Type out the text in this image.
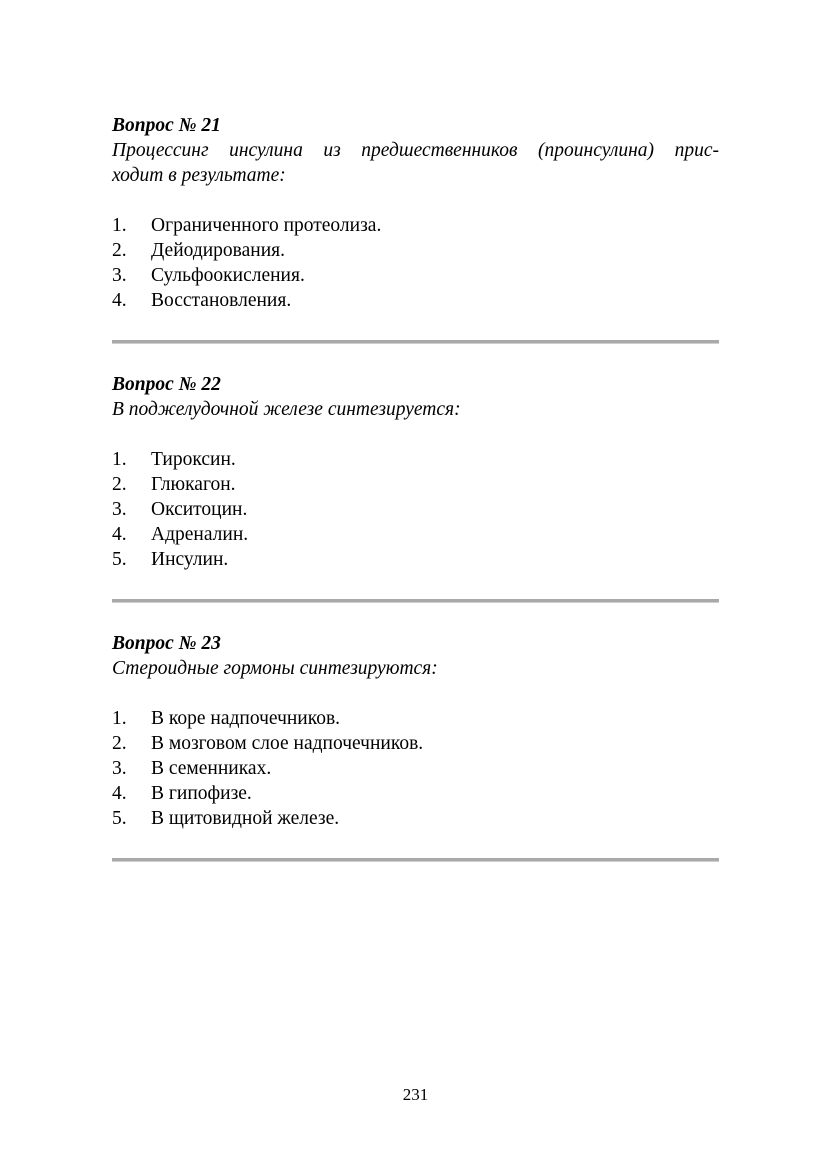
Вопрос № 21

Процессинг инсулина из предшественников (проинсулина) прис-

ходит в результате:

1.	Ограниченного протеолиза.
2.	Дейодирования.
3.	Сульфоокисления.
4.	Восстановления.

Вопрос № 22

В поджелудочной железе синтезируется:

1.	Тироксин.
2.	Глюкагон.
3.	Окситоцин.
4.	Адреналин.
5.	Инсулин.

Вопрос № 23

Стероидные гормоны синтезируются:

1.	В коре надпочечников.
2.	В мозговом слое надпочечников.
3.	В семенниках.
4.	В гипофизе.
5.	В щитовидной железе.
231
